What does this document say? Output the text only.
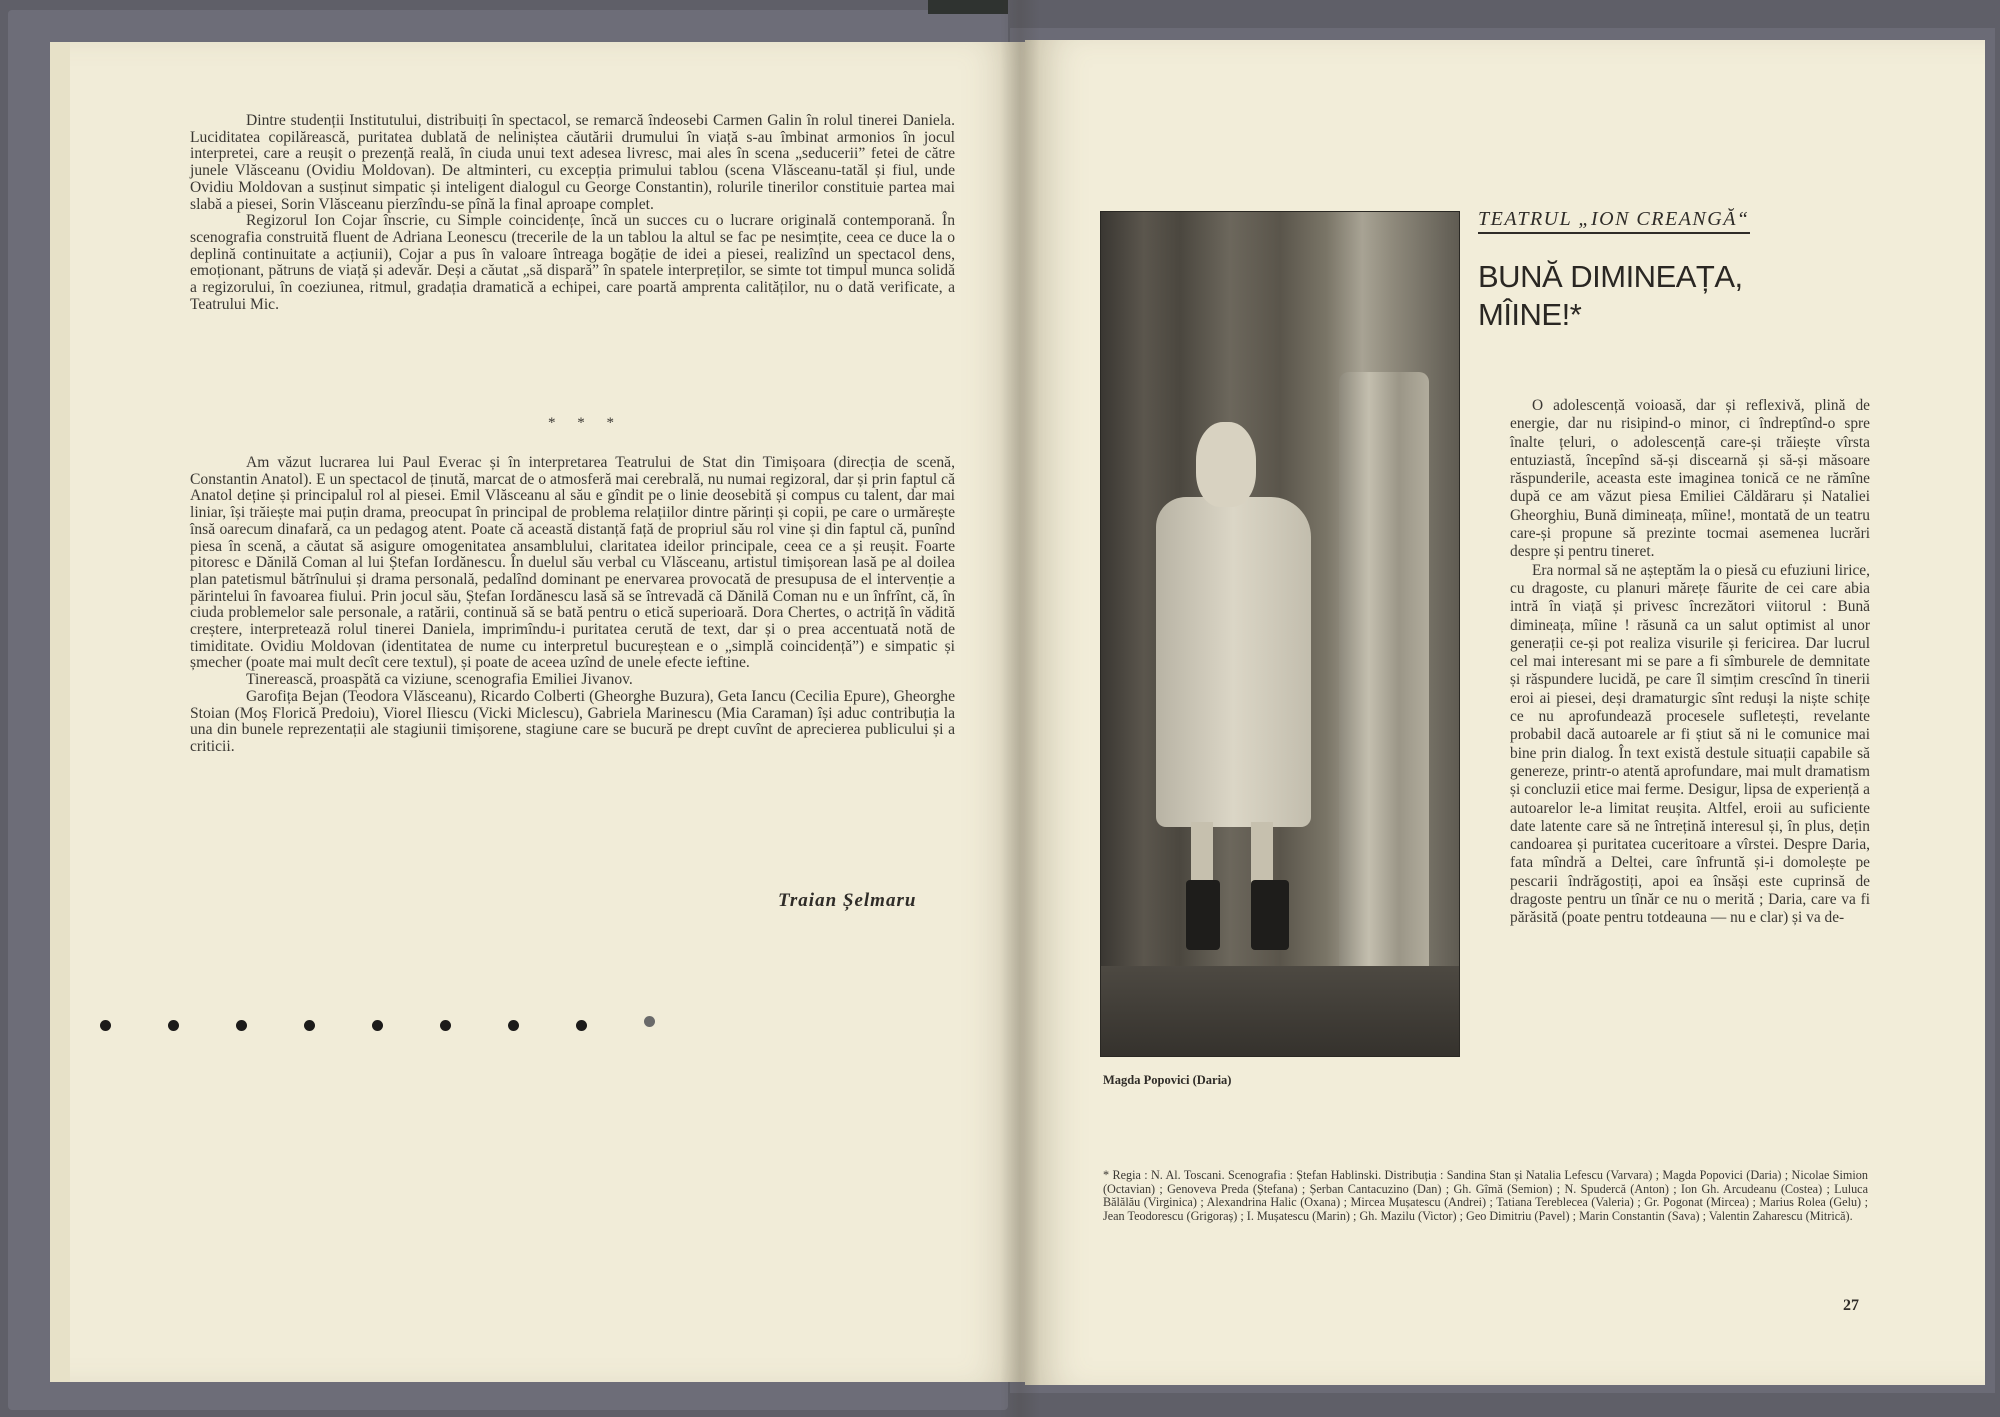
Dintre studenții Institutului, distribuiți în spectacol, se remarcă îndeosebi Carmen Galin în rolul tinerei Daniela. Luciditatea copilărească, puritatea dublată de neliniștea căutării drumului în viață s-au îmbinat armonios în jocul interpretei, care a reușit o prezență reală, în ciuda unui text adesea livresc, mai ales în scena „seducerii” fetei de către junele Vlăsceanu (Ovidiu Moldovan). De altminteri, cu excepția primului tablou (scena Vlăsceanu-tatăl și fiul, unde Ovidiu Moldovan a susținut simpatic și inteligent dialogul cu George Constantin), rolurile tinerilor constituie partea mai slabă a piesei, Sorin Vlăsceanu pierzîndu-se pînă la final aproape complet.

Regizorul Ion Cojar înscrie, cu Simple coincidențe, încă un succes cu o lucrare originală contemporană. În scenografia construită fluent de Adriana Leonescu (trecerile de la un tablou la altul se fac pe nesimțite, ceea ce duce la o deplină continuitate a acțiunii), Cojar a pus în valoare întreaga bogăție de idei a piesei, realizînd un spectacol dens, emoționant, pătruns de viață și adevăr. Deși a căutat „să dispară” în spatele interpreților, se simte tot timpul munca solidă a regizorului, în coeziunea, ritmul, gradația dramatică a echipei, care poartă amprenta calităților, nu o dată verificate, a Teatrului Mic.

* * *

Am văzut lucrarea lui Paul Everac și în interpretarea Teatrului de Stat din Timișoara (direcția de scenă, Constantin Anatol). E un spectacol de ținută, marcat de o atmosferă mai cerebrală, nu numai regizoral, dar și prin faptul că Anatol deține și principalul rol al piesei. Emil Vlăsceanu al său e gîndit pe o linie deosebită și compus cu talent, dar mai liniar, își trăiește mai puțin drama, preocupat în principal de problema relațiilor dintre părinți și copii, pe care o urmărește însă oarecum dinafară, ca un pedagog atent. Poate că această distanță față de propriul său rol vine și din faptul că, punînd piesa în scenă, a căutat să asigure omogenitatea ansamblului, claritatea ideilor principale, ceea ce a și reușit. Foarte pitoresc e Dănilă Coman al lui Ștefan Iordănescu. În duelul său verbal cu Vlăsceanu, artistul timișorean lasă pe al doilea plan patetismul bătrînului și drama personală, pedalînd dominant pe enervarea provocată de presupusa de el intervenție a părintelui în favoarea fiului. Prin jocul său, Ștefan Iordănescu lasă să se întrevadă că Dănilă Coman nu e un înfrînt, că, în ciuda problemelor sale personale, a ratării, continuă să se bată pentru o etică superioară. Dora Chertes, o actriță în vădită creștere, interpretează rolul tinerei Daniela, imprimîndu-i puritatea cerută de text, dar și o prea accentuată notă de timiditate. Ovidiu Moldovan (identitatea de nume cu interpretul bucureștean e o „simplă coincidență”) e simpatic și șmecher (poate mai mult decît cere textul), și poate de aceea uzînd de unele efecte ieftine.

Tinerească, proaspătă ca viziune, scenografia Emiliei Jivanov.

Garofița Bejan (Teodora Vlăsceanu), Ricardo Colberti (Gheorghe Buzura), Geta Iancu (Cecilia Epure), Gheorghe Stoian (Moș Florică Predoiu), Viorel Iliescu (Vicki Miclescu), Gabriela Marinescu (Mia Caraman) își aduc contribuția la una din bunele reprezentații ale stagiunii timișorene, stagiune care se bucură pe drept cuvînt de aprecierea publicului și a criticii.

Traian Șelmaru
Magda Popovici (Daria)
TEATRUL „ION CREANGĂ“
BUNĂ DIMINEAȚA,
MÎINE!*

O adolescență voioasă, dar și reflexivă, plină de energie, dar nu risipind-o minor, ci îndreptînd-o spre înalte țeluri, o adolescență care-și trăiește vîrsta entuziastă, începînd să-și discearnă și să-și măsoare răspunderile, aceasta este imaginea tonică ce ne rămîne după ce am văzut piesa Emiliei Căldăraru și Nataliei Gheorghiu, Bună dimineața, mîine!, montată de un teatru care-și propune să prezinte tocmai asemenea lucrări despre și pentru tineret.

Era normal să ne așteptăm la o piesă cu efuziuni lirice, cu dragoste, cu planuri mărețe făurite de cei care abia intră în viață și privesc încrezători viitorul : Bună dimineața, mîine ! răsună ca un salut optimist al unor generații ce-și pot realiza visurile și fericirea. Dar lucrul cel mai interesant mi se pare a fi sîmburele de demnitate și răspundere lucidă, pe care îl simțim crescînd în tinerii eroi ai piesei, deși dramaturgic sînt reduși la niște schițe ce nu aprofundează procesele sufletești, revelante probabil dacă autoarele ar fi știut să ni le comunice mai bine prin dialog. În text există destule situații capabile să genereze, printr-o atentă aprofundare, mai mult dramatism și concluzii etice mai ferme. Desigur, lipsa de experiență a autoarelor le-a limitat reușita. Altfel, eroii au suficiente date latente care să ne întrețină interesul și, în plus, dețin candoarea și puritatea cuceritoare a vîrstei. Despre Daria, fata mîndră a Deltei, care înfruntă și-i domolește pe pescarii îndrăgostiți, apoi ea însăși este cuprinsă de dragoste pentru un tînăr ce nu o merită ; Daria, care va fi părăsită (poate pentru totdeauna — nu e clar) și va de-

* Regia : N. Al. Toscani. Scenografia : Ștefan Hablinski. Distribuția : Sandina Stan și Natalia Lefescu (Varvara) ; Magda Popovici (Daria) ; Nicolae Simion (Octavian) ; Genoveva Preda (Ștefana) ; Șerban Cantacuzino (Dan) ; Gh. Gîmă (Semion) ; N. Spudercă (Anton) ; Ion Gh. Arcudeanu (Costea) ; Luluca Bălălău (Virginica) ; Alexandrina Halic (Oxana) ; Mircea Mușatescu (Andrei) ; Tatiana Tereblecea (Valeria) ; Gr. Pogonat (Mircea) ; Marius Rolea (Gelu) ; Jean Teodorescu (Grigoraș) ; I. Mușatescu (Marin) ; Gh. Mazilu (Victor) ; Geo Dimitriu (Pavel) ; Marin Constantin (Sava) ; Valentin Zaharescu (Mitrică).
27
